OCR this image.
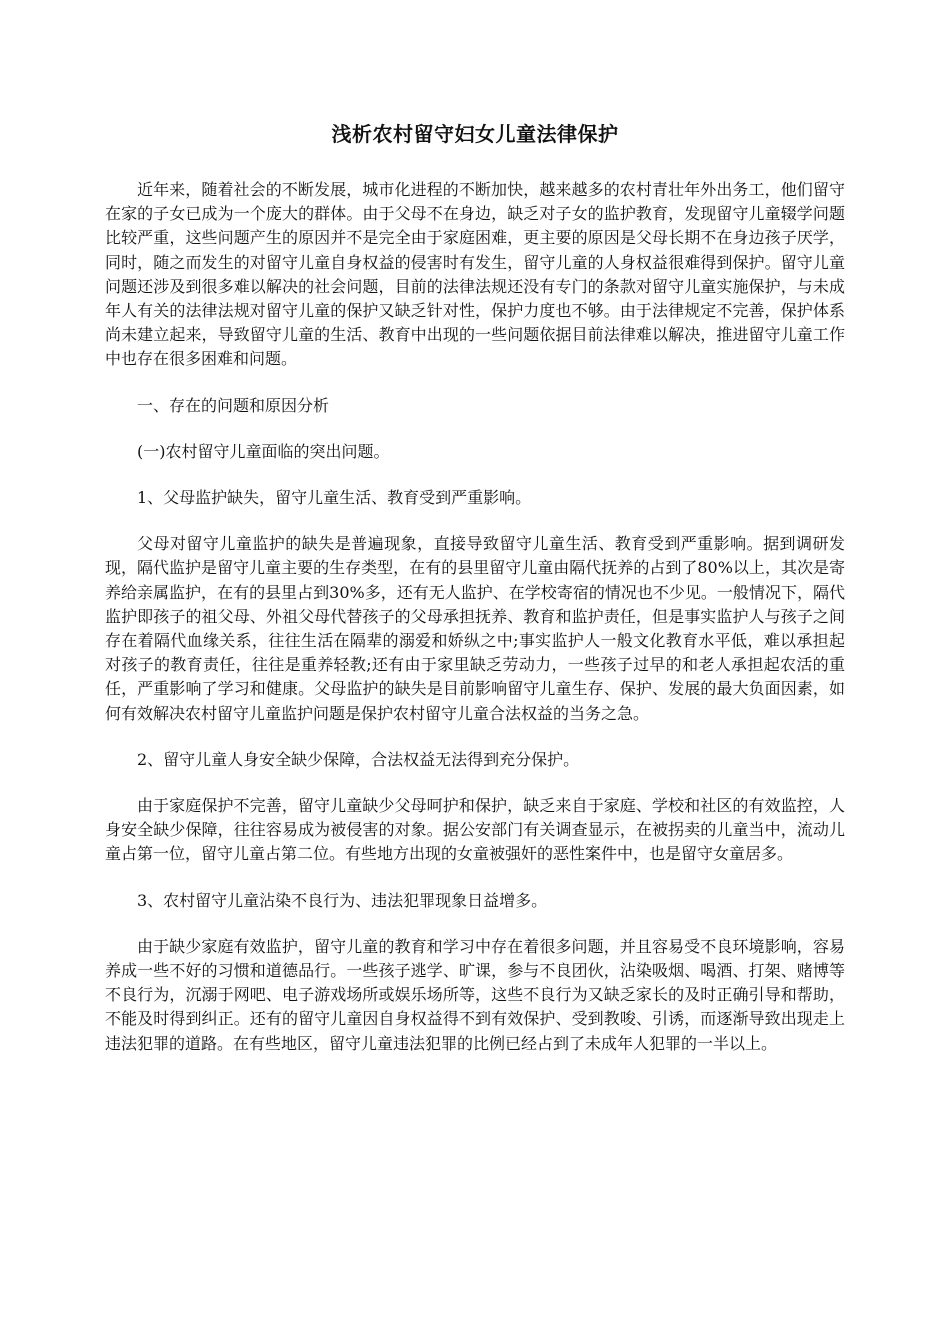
浅析农村留守妇女儿童法律保护

近年来，随着社会的不断发展，城市化进程的不断加快，越来越多的农村青壮年外出务工，他们留守在家的子女已成为一个庞大的群体。由于父母不在身边，缺乏对子女的监护教育，发现留守儿童辍学问题比较严重，这些问题产生的原因并不是完全由于家庭困难，更主要的原因是父母长期不在身边孩子厌学，同时，随之而发生的对留守儿童自身权益的侵害时有发生，留守儿童的人身权益很难得到保护。留守儿童问题还涉及到很多难以解决的社会问题，目前的法律法规还没有专门的条款对留守儿童实施保护，与未成年人有关的法律法规对留守儿童的保护又缺乏针对性，保护力度也不够。由于法律规定不完善，保护体系尚未建立起来，导致留守儿童的生活、教育中出现的一些问题依据目前法律难以解决，推进留守儿童工作中也存在很多困难和问题。

一、存在的问题和原因分析

(一)农村留守儿童面临的突出问题。

1、父母监护缺失，留守儿童生活、教育受到严重影响。

父母对留守儿童监护的缺失是普遍现象，直接导致留守儿童生活、教育受到严重影响。据到调研发现，隔代监护是留守儿童主要的生存类型，在有的县里留守儿童由隔代抚养的占到了80%以上，其次是寄养给亲属监护，在有的县里占到30%多，还有无人监护、在学校寄宿的情况也不少见。一般情况下，隔代监护即孩子的祖父母、外祖父母代替孩子的父母承担抚养、教育和监护责任，但是事实监护人与孩子之间存在着隔代血缘关系，往往生活在隔辈的溺爱和娇纵之中;事实监护人一般文化教育水平低，难以承担起对孩子的教育责任，往往是重养轻教;还有由于家里缺乏劳动力，一些孩子过早的和老人承担起农活的重任，严重影响了学习和健康。父母监护的缺失是目前影响留守儿童生存、保护、发展的最大负面因素，如何有效解决农村留守儿童监护问题是保护农村留守儿童合法权益的当务之急。

2、留守儿童人身安全缺少保障，合法权益无法得到充分保护。

由于家庭保护不完善，留守儿童缺少父母呵护和保护，缺乏来自于家庭、学校和社区的有效监控，人身安全缺少保障，往往容易成为被侵害的对象。据公安部门有关调查显示，在被拐卖的儿童当中，流动儿童占第一位，留守儿童占第二位。有些地方出现的女童被强奸的恶性案件中，也是留守女童居多。

3、农村留守儿童沾染不良行为、违法犯罪现象日益增多。

由于缺少家庭有效监护，留守儿童的教育和学习中存在着很多问题，并且容易受不良环境影响，容易养成一些不好的习惯和道德品行。一些孩子逃学、旷课，参与不良团伙，沾染吸烟、喝酒、打架、赌博等不良行为，沉溺于网吧、电子游戏场所或娱乐场所等，这些不良行为又缺乏家长的及时正确引导和帮助，不能及时得到纠正。还有的留守儿童因自身权益得不到有效保护、受到教唆、引诱，而逐渐导致出现走上违法犯罪的道路。在有些地区，留守儿童违法犯罪的比例已经占到了未成年人犯罪的一半以上。
